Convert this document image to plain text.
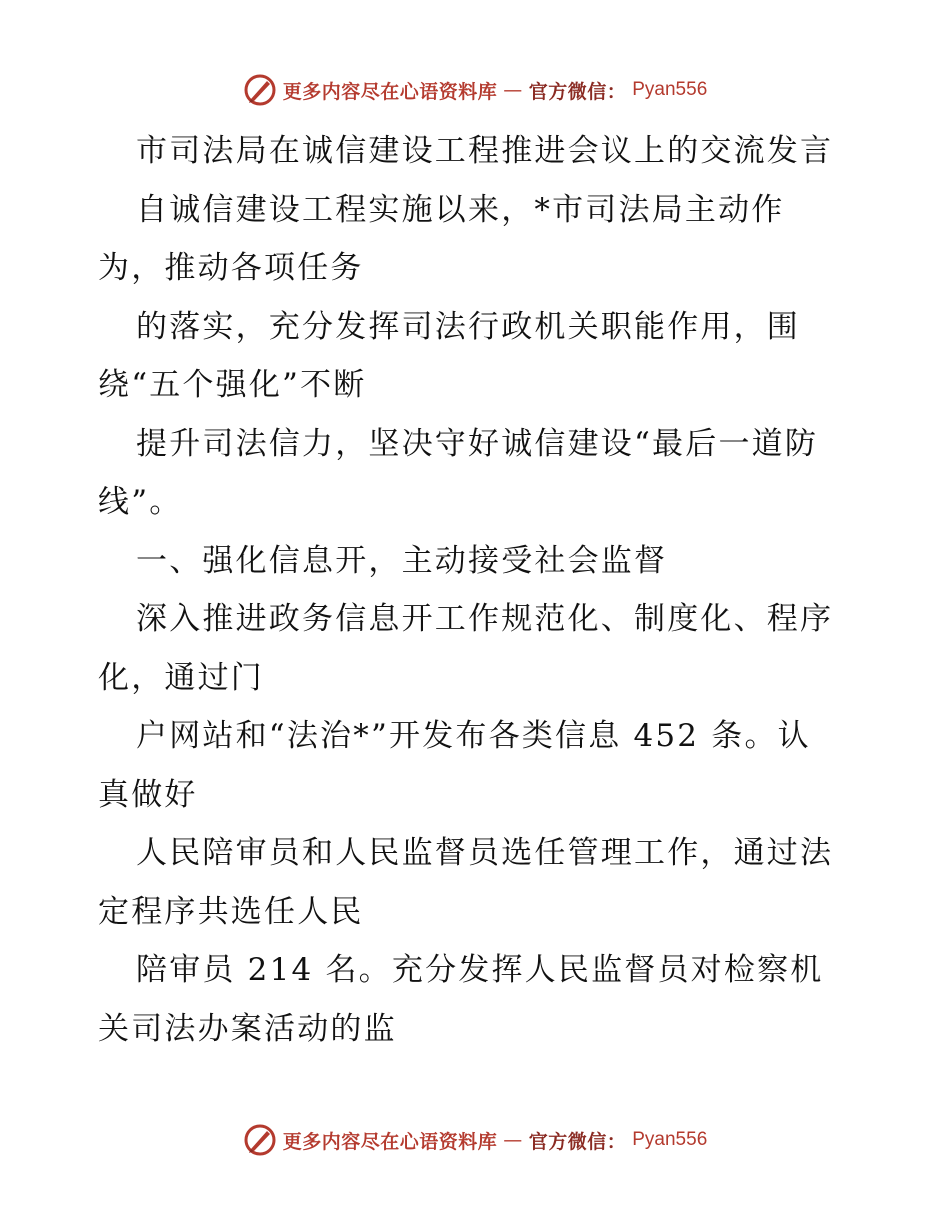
更多内容尽在心语资料库 — 官方微信： Pyan556
市司法局在诚信建设工程推进会议上的交流发言
自诚信建设工程实施以来，*市司法局主动作
为，推动各项任务
的落实，充分发挥司法行政机关职能作用，围
绕“五个强化”不断
提升司法信力，坚决守好诚信建设“最后一道防
线”。
一、强化信息开，主动接受社会监督
深入推进政务信息开工作规范化、制度化、程序
化，通过门
户网站和“法治*”开发布各类信息 452 条。认
真做好
人民陪审员和人民监督员选任管理工作，通过法
定程序共选任人民
陪审员 214 名。充分发挥人民监督员对检察机
关司法办案活动的监
更多内容尽在心语资料库 — 官方微信： Pyan556
